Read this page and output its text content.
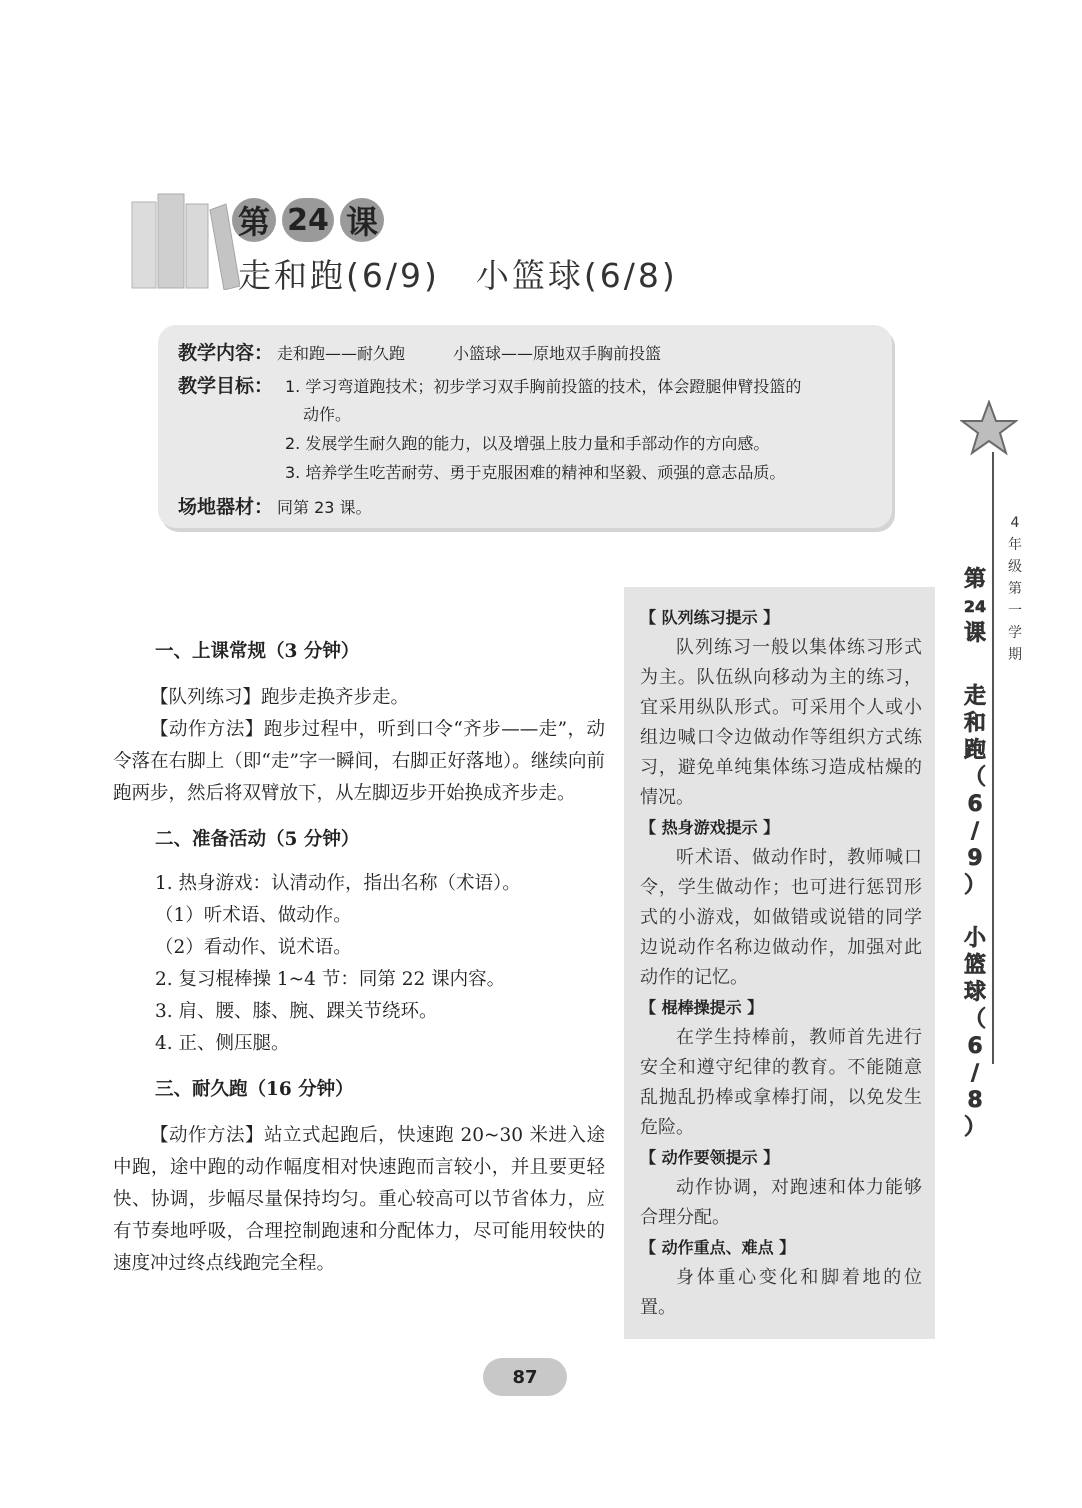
第 24 课
走和跑(6/9)　小篮球(6/8)
教学内容： 走和跑——耐久跑　　　小篮球——原地双手胸前投篮
教学目标： 1. 学习弯道跑技术；初步学习双手胸前投篮的技术，体会蹬腿伸臂投篮的
动作。
2. 发展学生耐久跑的能力，以及增强上肢力量和手部动作的方向感。
3. 培养学生吃苦耐劳、勇于克服困难的精神和坚毅、顽强的意志品质。
场地器材： 同第 23 课。
4
年
级
第
一
学
期
第
24
课
走
和
跑
（
6
/
9
）
小
篮
球
（
6
/
8
）

一、上课常规（3 分钟）

【队列练习】跑步走换齐步走。

【动作方法】跑步过程中，听到口令“齐步——走”，动令落在右脚上（即“走”字一瞬间，右脚正好落地）。继续向前跑两步，然后将双臂放下，从左脚迈步开始换成齐步走。

二、准备活动（5 分钟）

1. 热身游戏：认清动作，指出名称（术语）。

（1）听术语、做动作。

（2）看动作、说术语。

2. 复习棍棒操 1~4 节：同第 22 课内容。

3. 肩、腰、膝、腕、踝关节绕环。

4. 正、侧压腿。

三、耐久跑（16 分钟）

【动作方法】站立式起跑后，快速跑 20~30 米进入途中跑，途中跑的动作幅度相对快速跑而言较小，并且要更轻快、协调，步幅尽量保持均匀。重心较高可以节省体力，应有节奏地呼吸，合理控制跑速和分配体力，尽可能用较快的速度冲过终点线跑完全程。

【 队列练习提示 】

队列练习一般以集体练习形式为主。队伍纵向移动为主的练习，宜采用纵队形式。可采用个人或小组边喊口令边做动作等组织方式练习，避免单纯集体练习造成枯燥的情况。

【 热身游戏提示 】

听术语、做动作时，教师喊口令，学生做动作；也可进行惩罚形式的小游戏，如做错或说错的同学边说动作名称边做动作，加强对此动作的记忆。

【 棍棒操提示 】

在学生持棒前，教师首先进行安全和遵守纪律的教育。不能随意乱抛乱扔棒或拿棒打闹，以免发生危险。

【 动作要领提示 】

动作协调，对跑速和体力能够合理分配。

【 动作重点、难点 】

身体重心变化和脚着地的位置。

87
